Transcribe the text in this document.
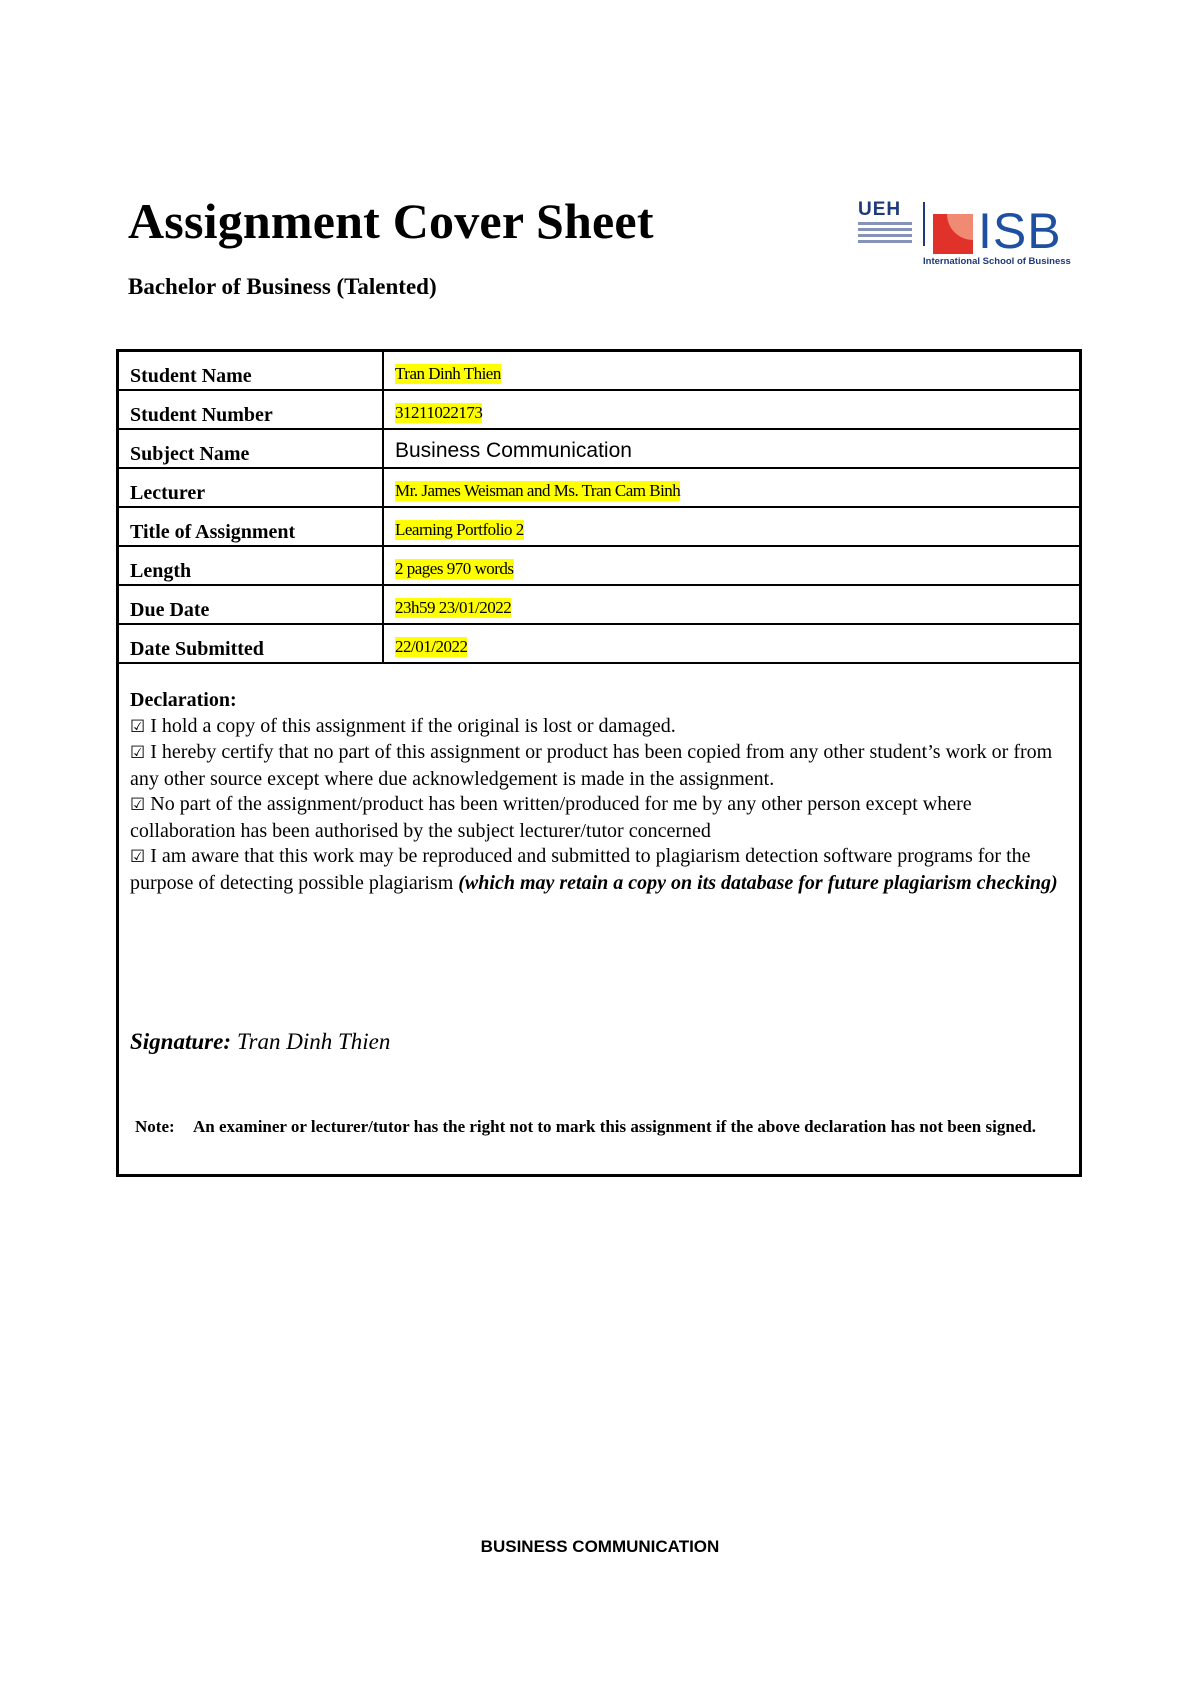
Assignment Cover Sheet
Bachelor of Business (Talented)
UEH	ISB
International School of Business
Student Name	Tran Dinh Thien
Student Number	31211022173
Subject Name	Business Communication
Lecturer	Mr. James Weisman and Ms. Tran Cam Binh
Title of Assignment	Learning Portfolio 2
Length	2 pages 970 words
Due Date	23h59 23/01/2022
Date Submitted	22/01/2022
Declaration:
☑ I hold a copy of this assignment if the original is lost or damaged.
☑ I hereby certify that no part of this assignment or product has been copied from any other student’s work or from any other source except where due acknowledgement is made in the assignment.
☑ No part of the assignment/product has been written/produced for me by any other person except where collaboration has been authorised by the subject lecturer/tutor concerned
☑ I am aware that this work may be reproduced and submitted to plagiarism detection software programs for the purpose of detecting possible plagiarism (which may retain a copy on its database for future plagiarism checking)
Signature: Tran Dinh Thien
Note: An examiner or lecturer/tutor has the right not to mark this assignment if the above declaration has not been signed.
BUSINESS COMMUNICATION
